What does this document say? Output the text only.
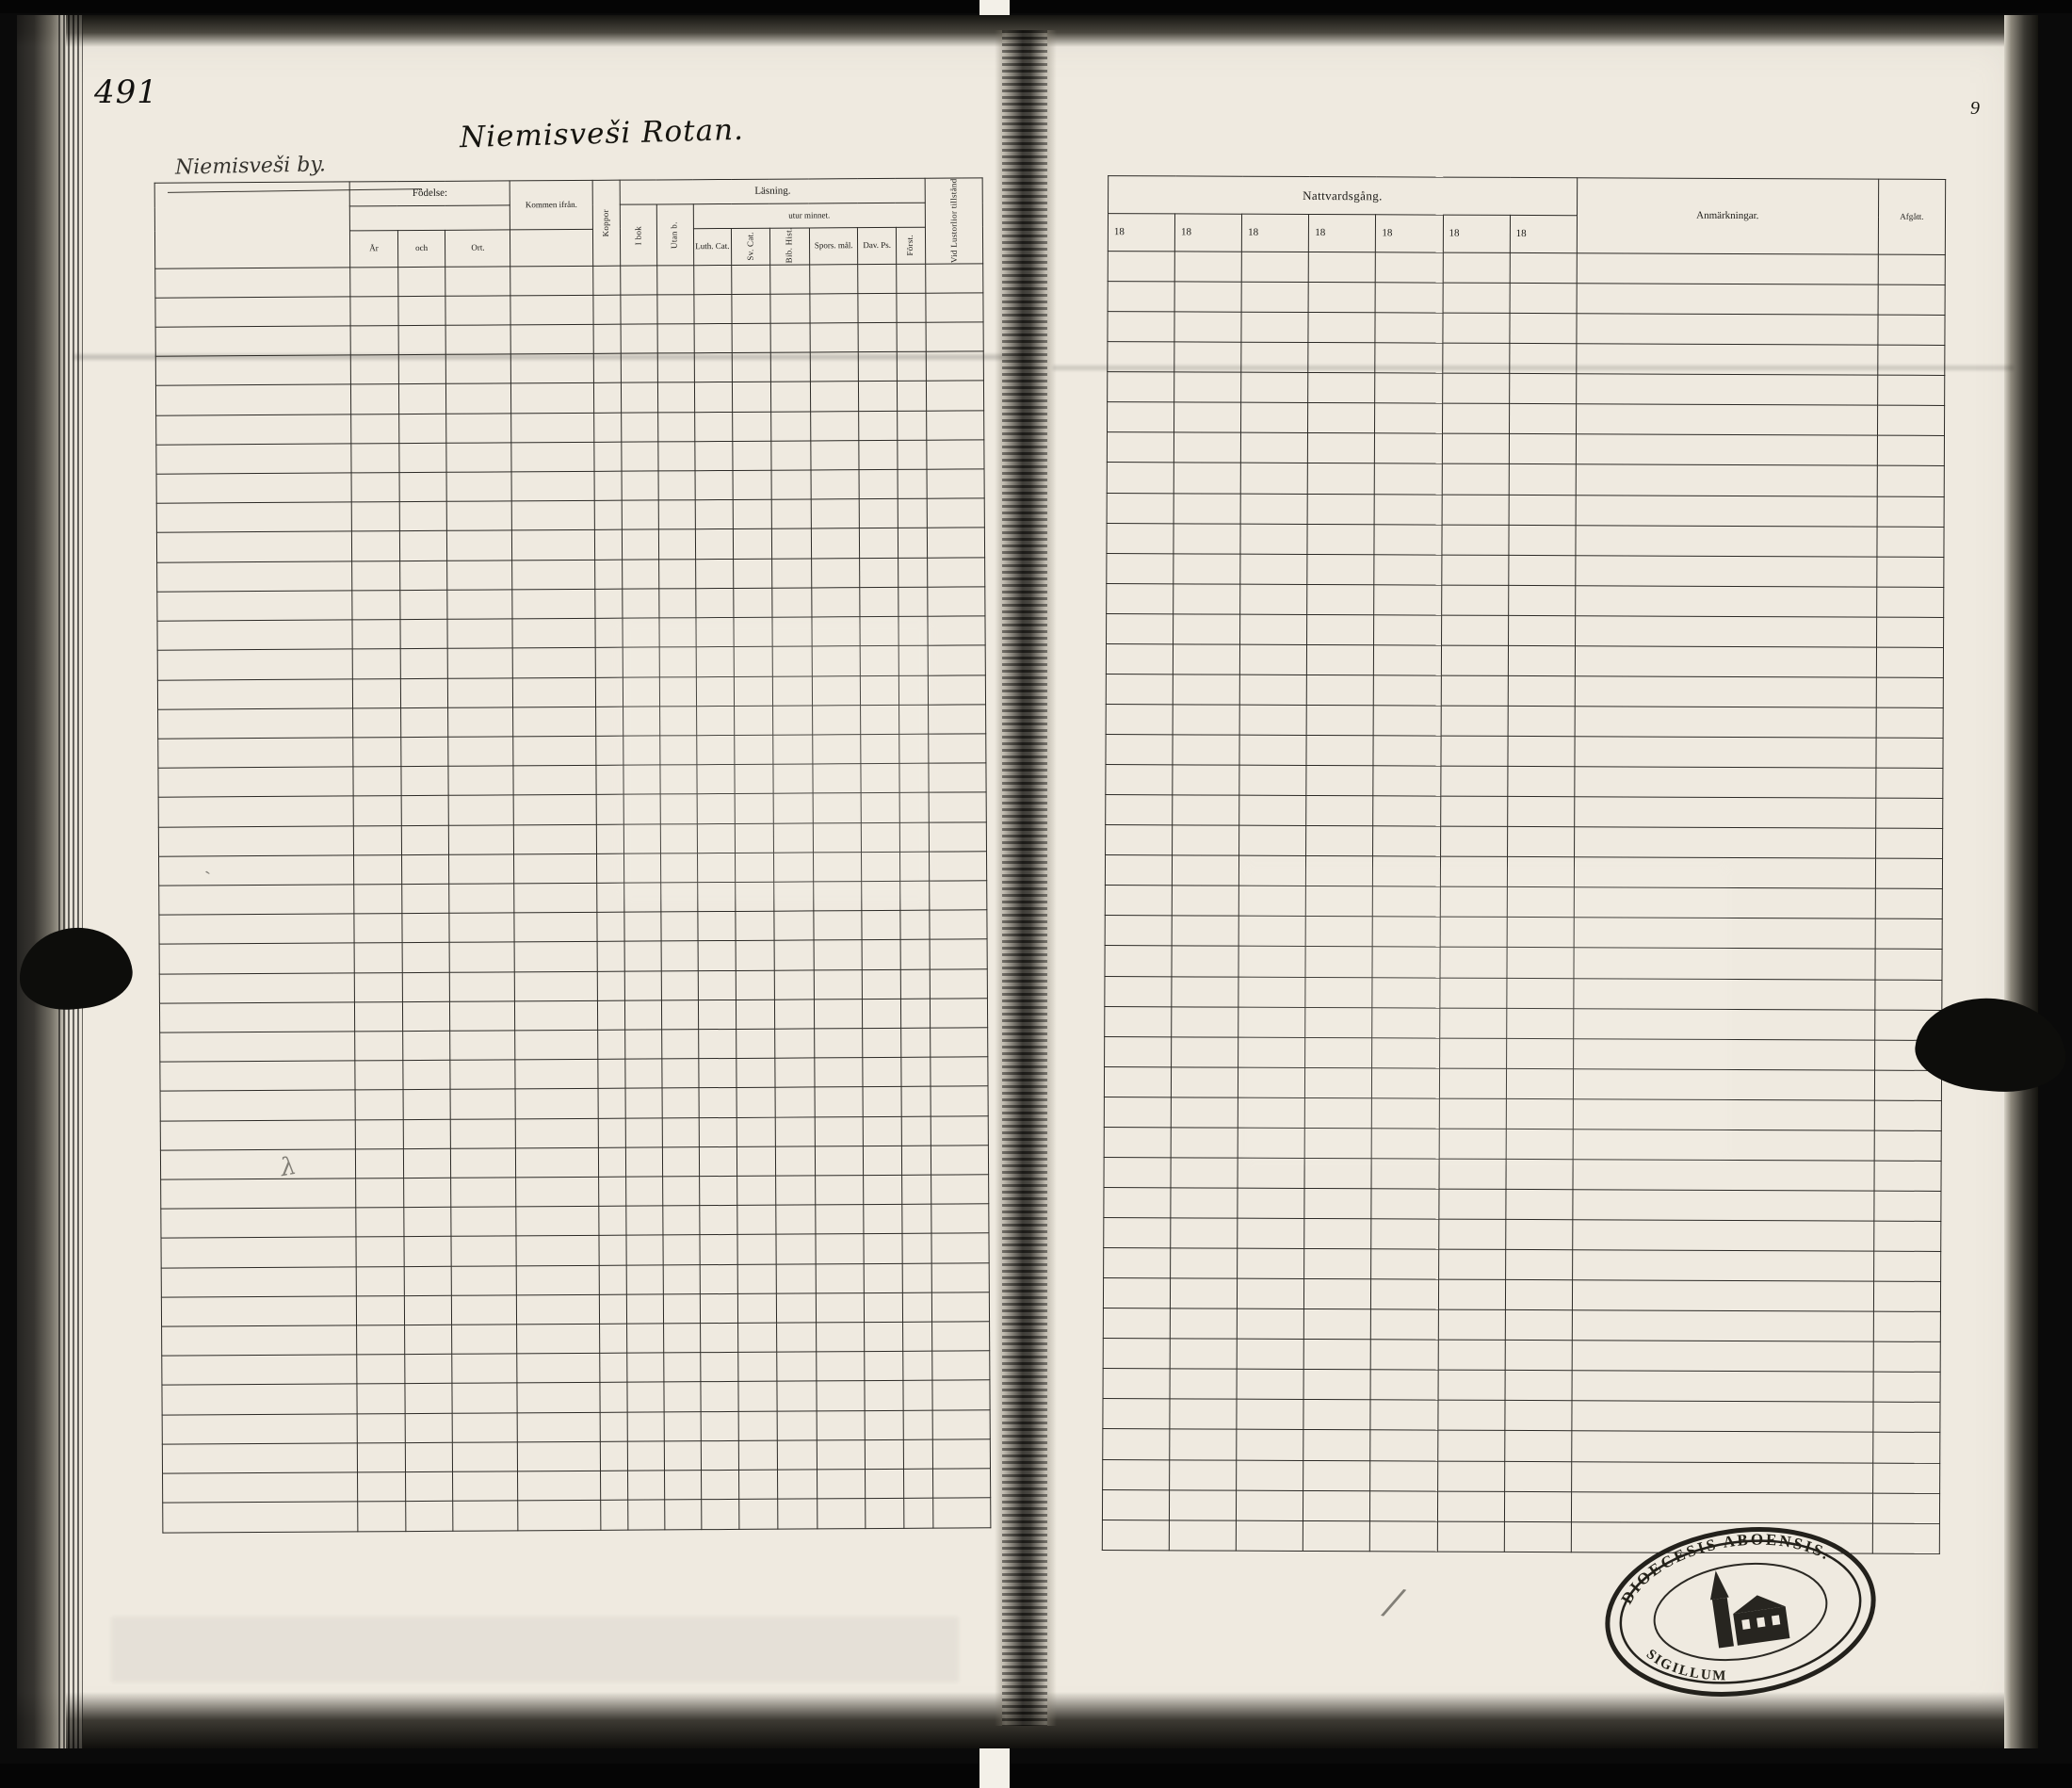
491	9
Niemisveši Rotan.
Niemisveši by.
	Födelse:			Kommen ifrån.	Koppor	Läsning.								Vid Lustorlior tillstånd
						I bok	Utan b.	utur minnet.						
	År	och	Ort.					Luth. Cat.	Sv. Cat.	Bib. Hist.	Spors. mål.	Dav. Ps.	Först.	

Nattvardsgång.							Anmärkningar.	Afgått.
18	18	18	18	18	18	18		

DIOECESIS ABOENSIS.
SIGILLUM
/
λ
`
